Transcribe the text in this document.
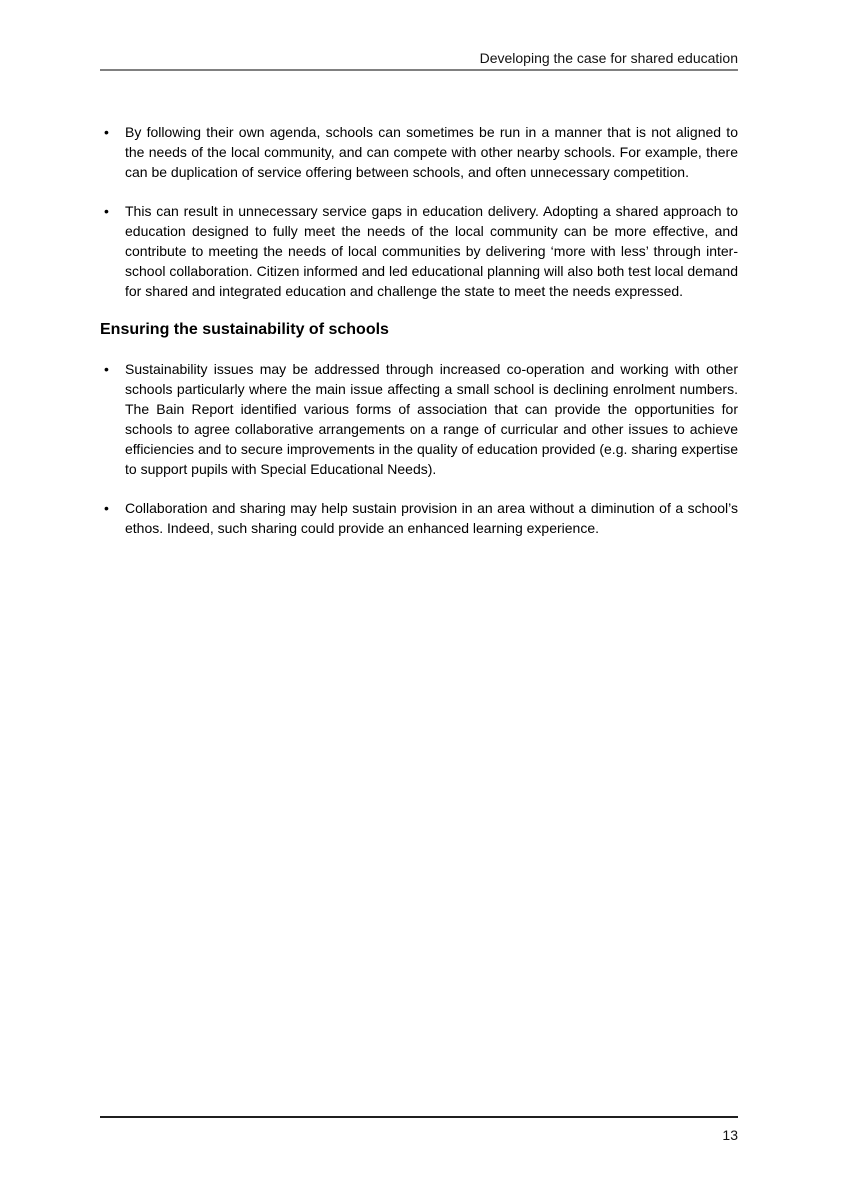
Developing the case for shared education
• By following their own agenda, schools can sometimes be run in a manner that is not aligned to the needs of the local community, and can compete with other nearby schools. For example, there can be duplication of service offering between schools, and often unnecessary competition.
• This can result in unnecessary service gaps in education delivery. Adopting a shared approach to education designed to fully meet the needs of the local community can be more effective, and contribute to meeting the needs of local communities by delivering ‘more with less’ through inter-school collaboration. Citizen informed and led educational planning will also both test local demand for shared and integrated education and challenge the state to meet the needs expressed.
Ensuring the sustainability of schools
• Sustainability issues may be addressed through increased co-operation and working with other schools particularly where the main issue affecting a small school is declining enrolment numbers. The Bain Report identified various forms of association that can provide the opportunities for schools to agree collaborative arrangements on a range of curricular and other issues to achieve efficiencies and to secure improvements in the quality of education provided (e.g. sharing expertise to support pupils with Special Educational Needs).
• Collaboration and sharing may help sustain provision in an area without a diminution of a school’s ethos. Indeed, such sharing could provide an enhanced learning experience.
13
